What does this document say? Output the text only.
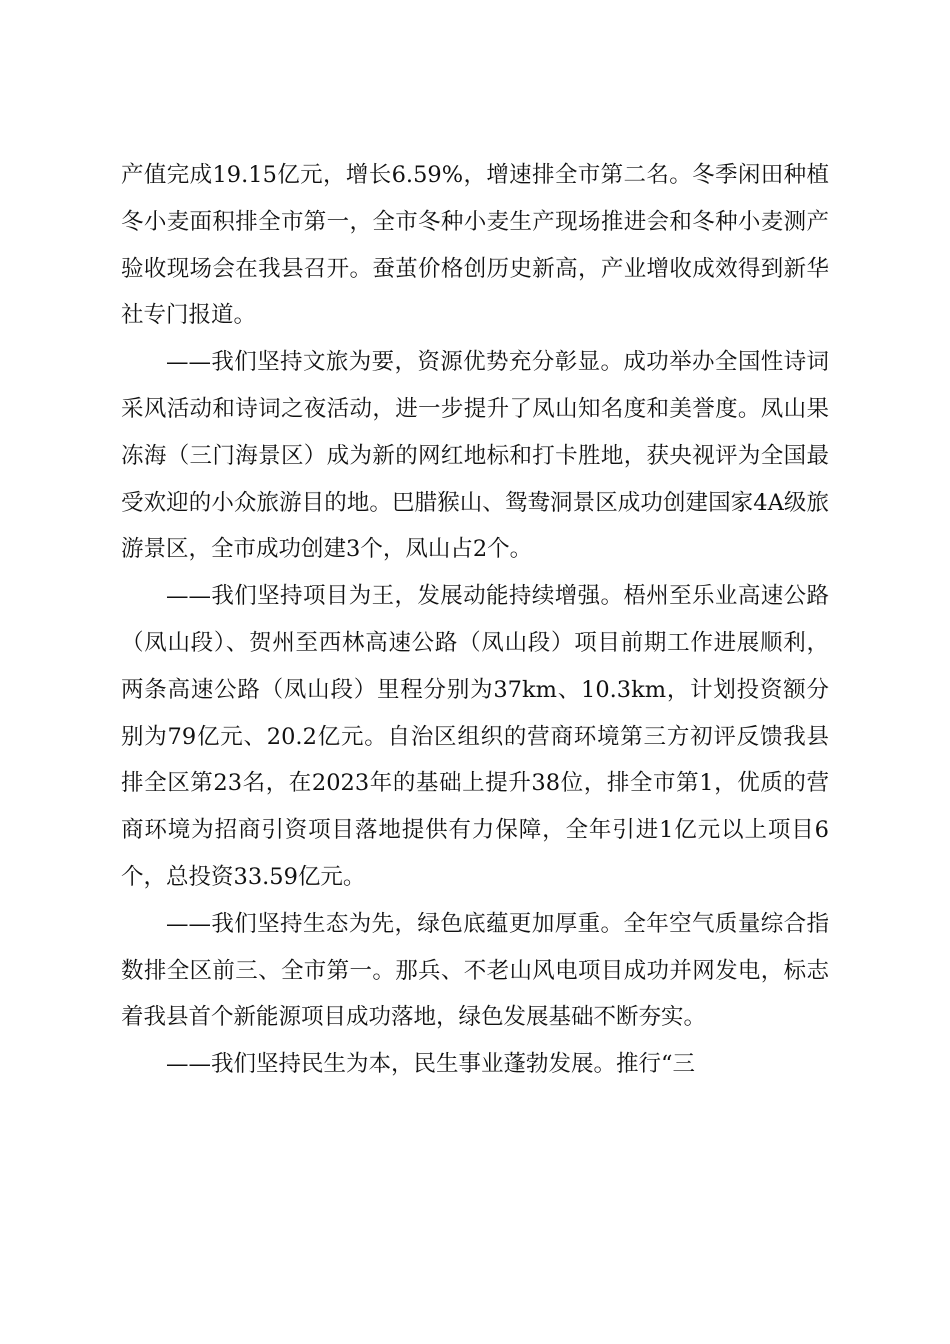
产值完成19.15亿元，增长6.59%，增速排全市第二名。冬季闲田种植冬小麦面积排全市第一，全市冬种小麦生产现场推进会和冬种小麦测产验收现场会在我县召开。蚕茧价格创历史新高，产业增收成效得到新华社专门报道。

——我们坚持文旅为要，资源优势充分彰显。成功举办全国性诗词采风活动和诗词之夜活动，进一步提升了凤山知名度和美誉度。凤山果冻海（三门海景区）成为新的网红地标和打卡胜地，获央视评为全国最受欢迎的小众旅游目的地。巴腊猴山、鸳鸯洞景区成功创建国家4A级旅游景区，全市成功创建3个，凤山占2个。

——我们坚持项目为王，发展动能持续增强。梧州至乐业高速公路（凤山段）、贺州至西林高速公路（凤山段）项目前期工作进展顺利，两条高速公路（凤山段）里程分别为37km、10.3km，计划投资额分别为79亿元、20.2亿元。自治区组织的营商环境第三方初评反馈我县排全区第23名，在2023年的基础上提升38位，排全市第1，优质的营商环境为招商引资项目落地提供有力保障，全年引进1亿元以上项目6个，总投资33.59亿元。

——我们坚持生态为先，绿色底蕴更加厚重。全年空气质量综合指数排全区前三、全市第一。那兵、不老山风电项目成功并网发电，标志着我县首个新能源项目成功落地，绿色发展基础不断夯实。

——我们坚持民生为本，民生事业蓬勃发展。推行“三
